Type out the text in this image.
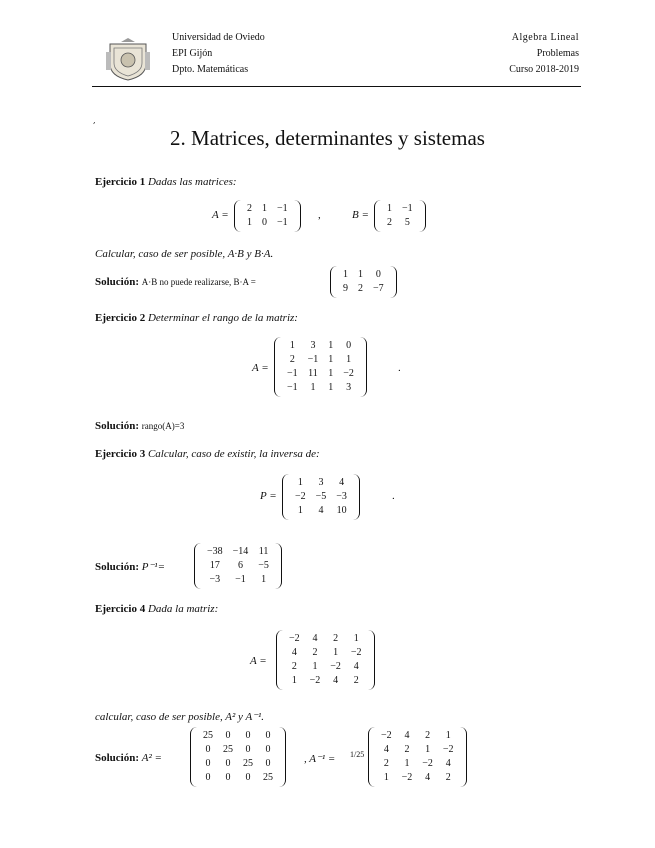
Universidad de Oviedo
EPI Gijón
Dpto. Matemáticas
Algebra Lineal
Problemas
Curso 2018-2019
,
2. Matrices, determinantes y sistemas
Ejercicio 1 Dadas las matrices:
A =
2	1	−1
1	0	−1
,	B =
1	−1
2	5
Calcular, caso de ser posible, A·B y B·A.
Solución: A·B no puede realizarse, B·A =
1	1	0
9	2	−7
Ejercicio 2 Determinar el rango de la matriz:
A =
1	3	1	0
2	−1	1	1
−1	11	1	−2
−1	1	1	3
.
Solución: rango(A)=3
Ejercicio 3 Calcular, caso de existir, la inversa de:
P =
1	3	4
−2	−5	−3
1	4	10
.
Solución: P⁻¹=
−38	−14	11
17	6	−5
−3	−1	1
Ejercicio 4 Dada la matriz:
A =
−2	4	2	1
4	2	1	−2
2	1	−2	4
1	−2	4	2
calcular, caso de ser posible, A² y A⁻¹.
Solución: A² =
25	0	0	0
0	25	0	0
0	0	25	0
0	0	0	25
, A⁻¹ = 1/25
−2	4	2	1
4	2	1	−2
2	1	−2	4
1	−2	4	2
